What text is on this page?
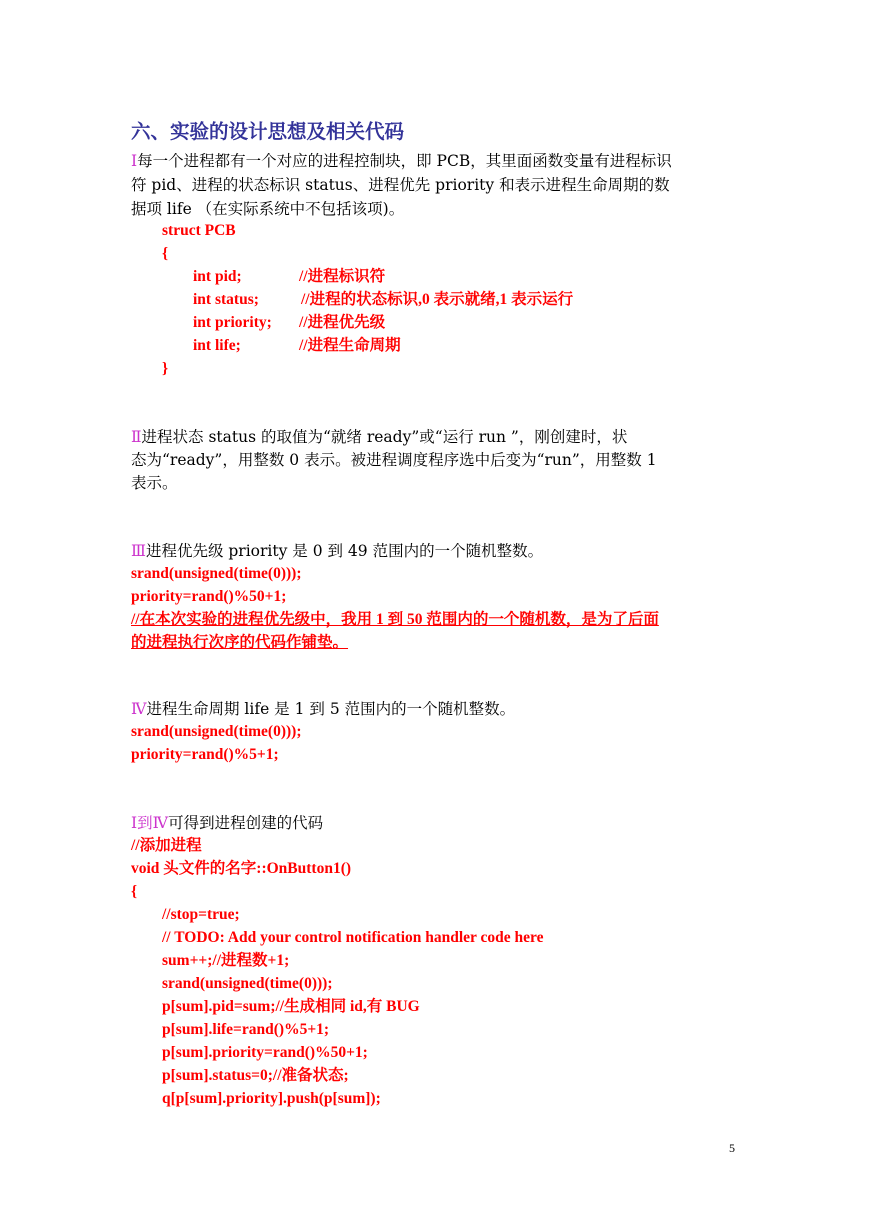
六、实验的设计思想及相关代码
Ⅰ每一个进程都有一个对应的进程控制块，即 PCB，其里面函数变量有进程标识
符 pid、进程的状态标识 status、进程优先 priority 和表示进程生命周期的数
据项 life （在实际系统中不包括该项)。
struct PCB
{
int pid;	//进程标识符
int status;	//进程的状态标识,0 表示就绪,1 表示运行
int priority; //进程优先级
int life;	//进程生命周期
}
Ⅱ进程状态 status 的取值为“就绪 ready”或“运行 run ”，刚创建时，状
态为“ready”，用整数 0 表示。被进程调度程序选中后变为“run”，用整数 1
表示。
Ⅲ进程优先级 priority 是 0 到 49 范围内的一个随机整数。
srand(unsigned(time(0)));
priority=rand()%50+1;
//在本次实验的进程优先级中，我用 1 到 50 范围内的一个随机数，是为了后面
的进程执行次序的代码作铺垫。
Ⅳ进程生命周期 life 是 1 到 5 范围内的一个随机整数。
srand(unsigned(time(0)));
priority=rand()%5+1;
Ⅰ到Ⅳ可得到进程创建的代码
//添加进程
void 头文件的名字::OnButton1()
{
//stop=true;
// TODO: Add your control notification handler code here
sum++;//进程数+1;
srand(unsigned(time(0)));
p[sum].pid=sum;//生成相同 id,有 BUG
p[sum].life=rand()%5+1;
p[sum].priority=rand()%50+1;
p[sum].status=0;//准备状态;
q[p[sum].priority].push(p[sum]);
5
